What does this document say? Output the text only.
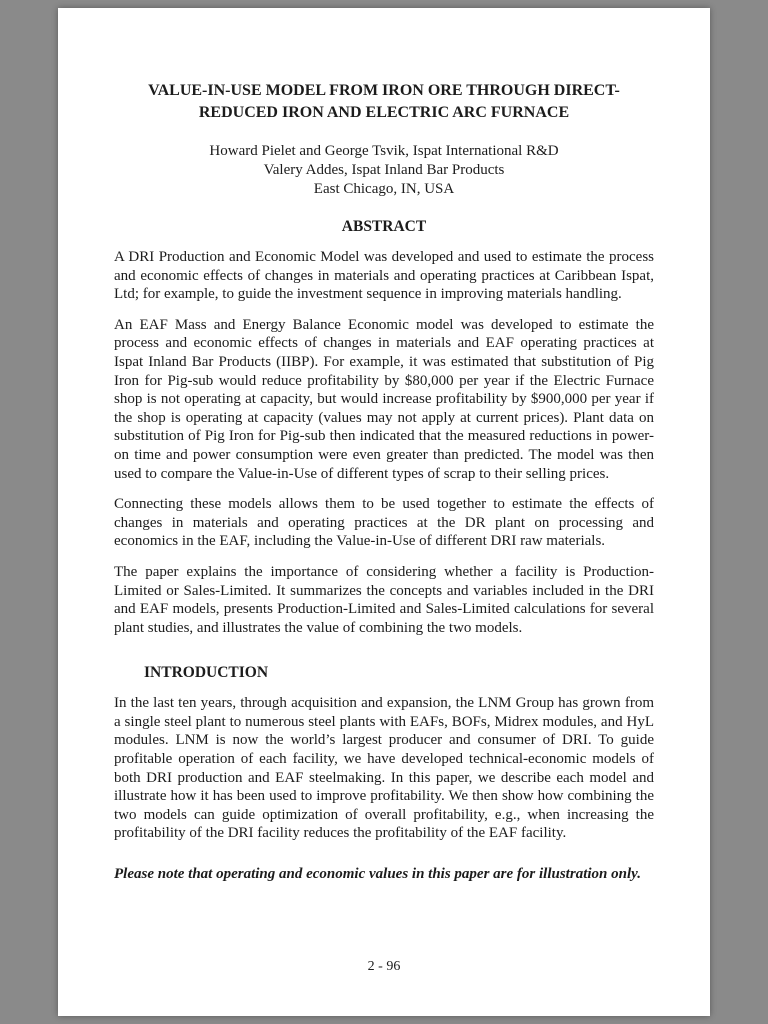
VALUE-IN-USE MODEL FROM IRON ORE THROUGH DIRECT-
REDUCED IRON AND ELECTRIC ARC FURNACE
Howard Pielet and George Tsvik, Ispat International R&D
Valery Addes, Ispat Inland Bar Products
East Chicago, IN, USA
ABSTRACT

A DRI Production and Economic Model was developed and used to estimate the process and economic effects of changes in materials and operating practices at Caribbean Ispat, Ltd; for example, to guide the investment sequence in improving materials handling.

An EAF Mass and Energy Balance Economic model was developed to estimate the process and economic effects of changes in materials and EAF operating practices at Ispat Inland Bar Products (IIBP). For example, it was estimated that substitution of Pig Iron for Pig-sub would reduce profitability by $80,000 per year if the Electric Furnace shop is not operating at capacity, but would increase profitability by $900,000 per year if the shop is operating at capacity (values may not apply at current prices). Plant data on substitution of Pig Iron for Pig-sub then indicated that the measured reductions in power-on time and power consumption were even greater than predicted. The model was then used to compare the Value-in-Use of different types of scrap to their selling prices.

Connecting these models allows them to be used together to estimate the effects of changes in materials and operating practices at the DR plant on processing and economics in the EAF, including the Value-in-Use of different DRI raw materials.

The paper explains the importance of considering whether a facility is Production-Limited or Sales-Limited. It summarizes the concepts and variables included in the DRI and EAF models, presents Production-Limited and Sales-Limited calculations for several plant studies, and illustrates the value of combining the two models.

INTRODUCTION

In the last ten years, through acquisition and expansion, the LNM Group has grown from a single steel plant to numerous steel plants with EAFs, BOFs, Midrex modules, and HyL modules. LNM is now the world’s largest producer and consumer of DRI. To guide profitable operation of each facility, we have developed technical-economic models of both DRI production and EAF steelmaking. In this paper, we describe each model and illustrate how it has been used to improve profitability. We then show how combining the two models can guide optimization of overall profitability, e.g., when increasing the profitability of the DRI facility reduces the profitability of the EAF facility.

Please note that operating and economic values in this paper are for illustration only.

2 - 96
